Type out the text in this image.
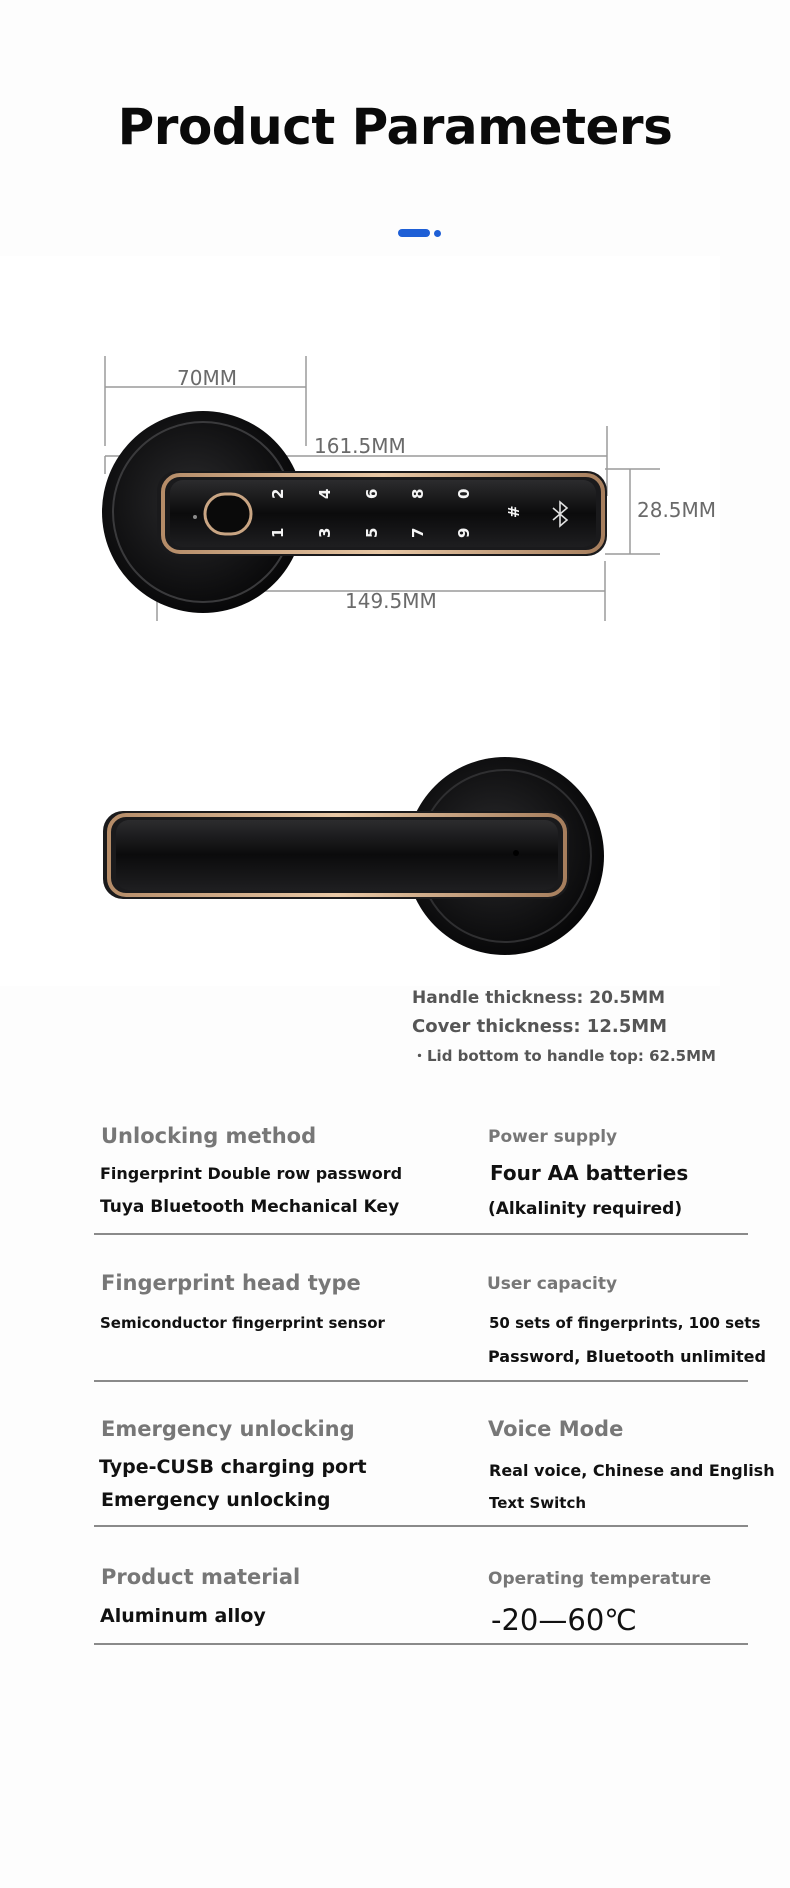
Product Parameters
2 4 6 8 0
1 3 5 7 9
#
70MM
161.5MM
28.5MM
149.5MM
Handle thickness: 20.5MM
Cover thickness: 12.5MM
・Lid bottom to handle top: 62.5MM
Unlocking method
Fingerprint Double row password
Tuya Bluetooth Mechanical Key
Power supply
Four AA batteries
(Alkalinity required)
Fingerprint head type
Semiconductor fingerprint sensor
User capacity
50 sets of fingerprints, 100 sets
Password, Bluetooth unlimited
Emergency unlocking
Type-CUSB charging port
Emergency unlocking
Voice Mode
Real voice, Chinese and English
Text Switch
Product material
Aluminum alloy
Operating temperature
-20—60℃
